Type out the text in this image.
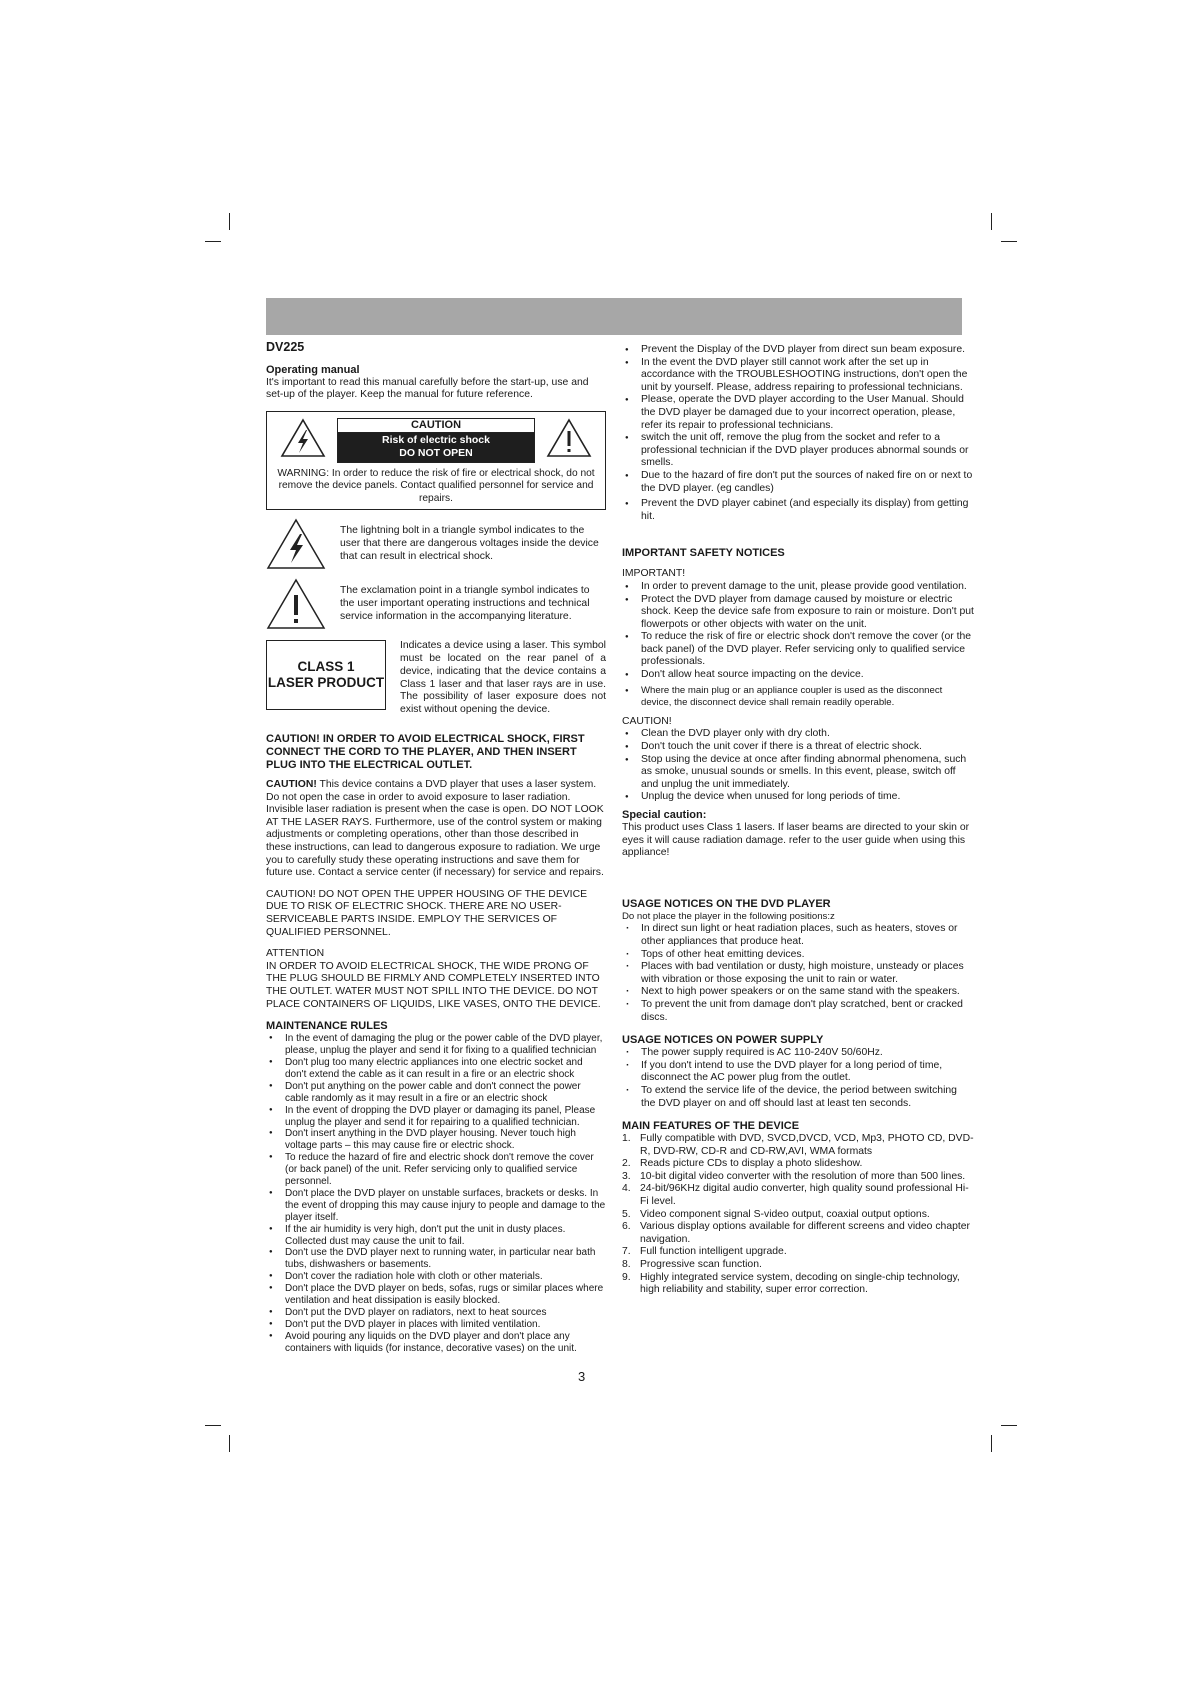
DV225
Operating manual

It's important to read this manual carefully before the start-up, use and set-up of the player. Keep the manual for future reference.

CAUTION
Risk of electric shock
DO NOT OPEN
WARNING: In order to reduce the risk of fire or electrical shock, do not remove the device panels. Contact qualified personnel for service and repairs.
The lightning bolt in a triangle symbol indicates to the user that there are dangerous voltages inside the device that can result in electrical shock.
The exclamation point in a triangle symbol indicates to the user important operating instructions and technical service information in the accompanying literature.
CLASS 1
LASER PRODUCT
Indicates a device using a laser. This symbol must be located on the rear panel of a device, indicating that the device contains a Class 1 laser and that laser rays are in use. The possibility of laser exposure does not exist without opening the device.
CAUTION! IN ORDER TO AVOID ELECTRICAL SHOCK, FIRST CONNECT THE CORD TO THE PLAYER, AND THEN INSERT PLUG INTO THE ELECTRICAL OUTLET.

CAUTION! This device contains a DVD player that uses a laser system. Do not open the case in order to avoid exposure to laser radiation. Invisible laser radiation is present when the case is open. DO NOT LOOK AT THE LASER RAYS. Furthermore, use of the control system or making adjustments or completing operations, other than those described in these instructions, can lead to dangerous exposure to radiation. We urge you to carefully study these operating instructions and save them for future use. Contact a service center (if necessary) for service and repairs.

CAUTION! DO NOT OPEN THE UPPER HOUSING OF THE DEVICE DUE TO RISK OF ELECTRIC SHOCK. THERE ARE NO USER-SERVICEABLE PARTS INSIDE. EMPLOY THE SERVICES OF QUALIFIED PERSONNEL.

ATTENTION

IN ORDER TO AVOID ELECTRICAL SHOCK, THE WIDE PRONG OF THE PLUG SHOULD BE FIRMLY AND COMPLETELY INSERTED INTO THE OUTLET. WATER MUST NOT SPILL INTO THE DEVICE. DO NOT PLACE CONTAINERS OF LIQUIDS, LIKE VASES, ONTO THE DEVICE.

MAINTENANCE RULES
● In the event of damaging the plug or the power cable of the DVD player, please, unplug the player and send it for fixing to a qualified technician
● Don't plug too many electric appliances into one electric socket and don't extend the cable as it can result in a fire or an electric shock
● Don't put anything on the power cable and don't connect the power cable randomly as it may result in a fire or an electric shock
● In the event of dropping the DVD player or damaging its panel, Please unplug the player and send it for repairing to a qualified technician.
● Don't insert anything in the DVD player housing. Never touch high voltage parts – this may cause fire or electric shock.
● To reduce the hazard of fire and electric shock don't remove the cover (or back panel) of the unit. Refer servicing only to qualified service personnel.
● Don't place the DVD player on unstable surfaces, brackets or desks. In the event of dropping this may cause injury to people and damage to the player itself.
● If the air humidity is very high, don't put the unit in dusty places. Collected dust may cause the unit to fail.
● Don't use the DVD player next to running water, in particular near bath tubs, dishwashers or basements.
● Don't cover the radiation hole with cloth or other materials.
● Don't place the DVD player on beds, sofas, rugs or similar places where ventilation and heat dissipation is easily blocked.
● Don't put the DVD player on radiators, next to heat sources
● Don't put the DVD player in places with limited ventilation.
● Avoid pouring any liquids on the DVD player and don't place any containers with liquids (for instance, decorative vases) on the unit.
● Prevent the Display of the DVD player from direct sun beam exposure.
● In the event the DVD player still cannot work after the set up in accordance with the TROUBLESHOOTING instructions, don't open the unit by yourself. Please, address repairing to professional technicians.
● Please, operate the DVD player according to the User Manual. Should the DVD player be damaged due to your incorrect operation, please, refer its repair to professional technicians.
● switch the unit off, remove the plug from the socket and refer to a professional technician if the DVD player produces abnormal sounds or smells.
● Due to the hazard of fire don't put the sources of naked fire on or next to the DVD player. (eg candles)
● Prevent the DVD player cabinet (and especially its display) from getting hit.
IMPORTANT SAFETY NOTICES

IMPORTANT!

● In order to prevent damage to the unit, please provide good ventilation.
● Protect the DVD player from damage caused by moisture or electric shock. Keep the device safe from exposure to rain or moisture. Don't put flowerpots or other objects with water on the unit.
● To reduce the risk of fire or electric shock don't remove the cover (or the back panel) of the DVD player. Refer servicing only to qualified service professionals.
● Don't allow heat source impacting on the device.
● Where the main plug or an appliance coupler is used as the disconnect device, the disconnect device shall remain readily operable.

CAUTION!

● Clean the DVD player only with dry cloth.
● Don't touch the unit cover if there is a threat of electric shock.
● Stop using the device at once after finding abnormal phenomena, such as smoke, unusual sounds or smells. In this event, please, switch off and unplug the unit immediately.
● Unplug the device when unused for long periods of time.
Special caution:

This product uses Class 1 lasers. If laser beams are directed to your skin or eyes it will cause radiation damage. refer to the user guide when using this appliance!

USAGE NOTICES ON THE DVD PLAYER

Do not place the player in the following positions:z

· In direct sun light or heat radiation places, such as heaters, stoves or other appliances that produce heat.
· Tops of other heat emitting devices.
· Places with bad ventilation or dusty, high moisture, unsteady or places with vibration or those exposing the unit to rain or water.
· Next to high power speakers or on the same stand with the speakers.
· To prevent the unit from damage don't play scratched, bent or cracked discs.
USAGE NOTICES ON POWER SUPPLY
· The power supply required is AC 110-240V 50/60Hz.
· If you don't intend to use the DVD player for a long period of time, disconnect the AC power plug from the outlet.
· To extend the service life of the device, the period between switching the DVD player on and off should last at least ten seconds.
MAIN FEATURES OF THE DEVICE
1. Fully compatible with DVD, SVCD,DVCD, VCD, Mp3, PHOTO CD, DVD-R, DVD-RW, CD-R and CD-RW,AVI, WMA formats
2. Reads picture CDs to display a photo slideshow.
3. 10-bit digital video converter with the resolution of more than 500 lines.
4. 24-bit/96KHz digital audio converter, high quality sound professional Hi-Fi level.
5. Video component signal S-video output, coaxial output options.
6. Various display options available for different screens and video chapter navigation.
7. Full function intelligent upgrade.
8. Progressive scan function.
9. Highly integrated service system, decoding on single-chip technology, high reliability and stability, super error correction.
3
